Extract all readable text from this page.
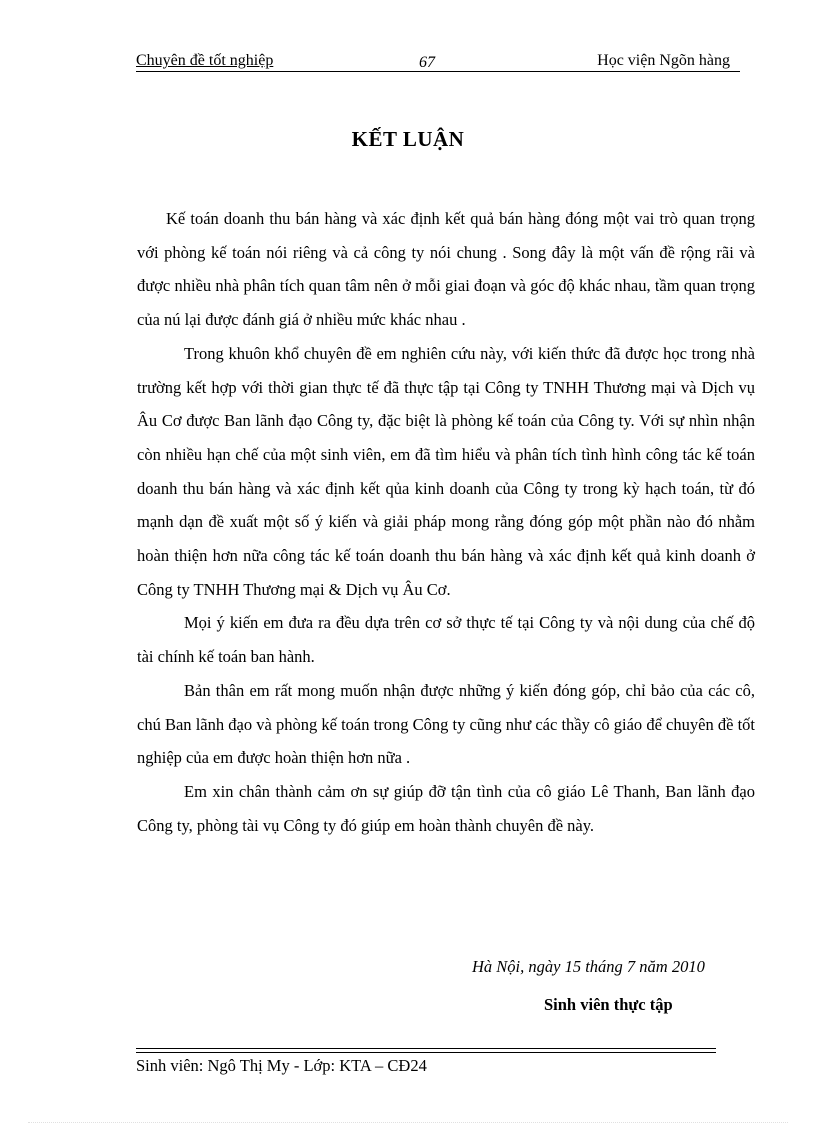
Chuyên đề tốt nghiệp	67	Học viện Ngõn hàng
KẾT LUẬN

Kế toán doanh thu bán hàng và xác định kết quả bán hàng đóng một vai trò quan trọng với phòng kế toán nói riêng và cả công ty nói chung . Song đây là một vấn đề rộng rãi và được nhiều nhà phân tích quan tâm nên ở mỗi giai đoạn và góc độ khác nhau, tầm quan trọng của nú lại được đánh giá ở nhiều mức khác nhau .

Trong khuôn khổ chuyên đề em nghiên cứu này, với kiến thức đã được học trong nhà trường kết hợp với thời gian thực tế đã thực tập tại Công ty TNHH Thương mại và Dịch vụ Âu Cơ được Ban lãnh đạo Công ty, đặc biệt là phòng kế toán của Công ty. Với sự nhìn nhận còn nhiều hạn chế của một sinh viên, em đã tìm hiểu và phân tích tình hình công tác kế toán doanh thu bán hàng và xác định kết qủa kinh doanh của Công ty trong kỳ hạch toán, từ đó mạnh dạn đề xuất một số ý kiến và giải pháp mong rằng đóng góp một phần nào đó nhằm hoàn thiện hơn nữa công tác kế toán doanh thu bán hàng và xác định kết quả kinh doanh ở Công ty TNHH Thương mại & Dịch vụ Âu Cơ.

Mọi ý kiến em đưa ra đều dựa trên cơ sở thực tế tại Công ty và nội dung của chế độ tài chính kế toán ban hành.

Bản thân em rất mong muốn nhận được những ý kiến đóng góp, chỉ bảo của các cô, chú Ban lãnh đạo và phòng kế toán trong Công ty cũng như các thầy cô giáo để chuyên đề tốt nghiệp của em được hoàn thiện hơn nữa .

Em xin chân thành cảm ơn sự giúp đỡ tận tình của cô giáo Lê Thanh, Ban lãnh đạo Công ty, phòng tài vụ Công ty đó giúp em hoàn thành chuyên đề này.

Hà Nội, ngày 15 tháng 7 năm 2010
Sinh viên thực tập
Sinh viên: Ngô Thị My - Lớp: KTA – CĐ24
